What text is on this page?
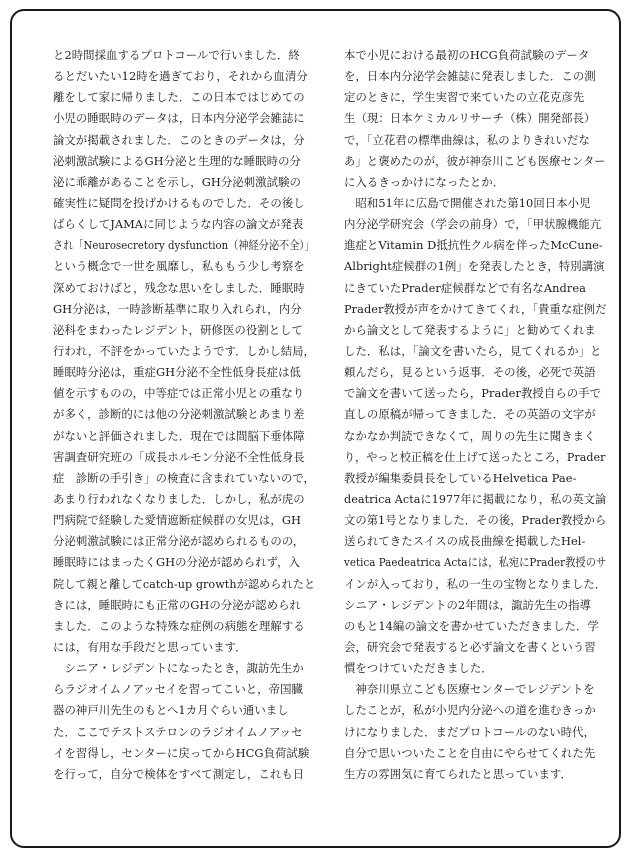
と2時間採血するプロトコールで行いました．終
るとだいたい12時を過ぎており，それから血清分
離をして家に帰りました．この日本ではじめての
小児の睡眠時のデータは，日本内分泌学会雑誌に
論文が掲載されました．このときのデータは，分
泌刺激試験によるGH分泌と生理的な睡眠時の分
泌に乖離があることを示し，GH分泌刺激試験の
確実性に疑問を投げかけるものでした．その後し
ばらくしてJAMAに同じような内容の論文が発表
され「Neurosecretory dysfunction（神経分泌不全）」
という概念で一世を風靡し，私ももう少し考察を
深めておけばと，残念な思いをしました．睡眠時
GH分泌は，一時診断基準に取り入れられ，内分
泌科をまわったレジデント，研修医の役割として
行われ，不評をかっていたようです．しかし結局，
睡眠時分泌は，重症GH分泌不全性低身長症は低
値を示すものの，中等症では正常小児との重なり
が多く，診断的には他の分泌刺激試験とあまり差
がないと評価されました．現在では間脳下垂体障
害調査研究班の「成長ホルモン分泌不全性低身長
症　診断の手引き」の検査に含まれていないので，
あまり行われなくなりました．しかし，私が虎の
門病院で経験した愛情遮断症候群の女児は，GH
分泌刺激試験には正常分泌が認められるものの，
睡眠時にはまったくGHの分泌が認められず，入
院して親と離してcatch-up growthが認められたと
きには，睡眠時にも正常のGHの分泌が認められ
ました．このような特殊な症例の病態を理解する
には，有用な手段だと思っています．
　シニア・レジデントになったとき，諏訪先生か
らラジオイムノアッセイを習ってこいと，帝国臓
器の神戸川先生のもとへ1カ月ぐらい通いまし
た．ここでテストステロンのラジオイムノアッセ
イを習得し，センターに戻ってからHCG負荷試験
を行って，自分で検体をすべて測定し，これも日
本で小児における最初のHCG負荷試験のデータ
を，日本内分泌学会雑誌に発表しました．この測
定のときに，学生実習で来ていたの立花克彦先
生（現：日本ケミカルリサーチ（株）開発部長）
で，「立花君の標準曲線は，私のよりきれいだな
あ」と褒めたのが，彼が神奈川こども医療センター
に入るきっかけになったとか．
　昭和51年に広島で開催された第10回日本小児
内分泌学研究会（学会の前身）で，「甲状腺機能亢
進症とVitamin D抵抗性クル病を伴ったMcCune-
Albright症候群の1例」を発表したとき，特別講演
にきていたPrader症候群などで有名なAndrea
Prader教授が声をかけてきてくれ，「貴重な症例だ
から論文として発表するように」と勧めてくれま
した．私は，「論文を書いたら，見てくれるか」と
頼んだら，見るという返事．その後，必死で英語
で論文を書いて送ったら，Prader教授自らの手で
直しの原稿が帰ってきました．その英語の文字が
なかなか判読できなくて，周りの先生に聞きまく
り，やっと校正稿を仕上げて送ったところ，Prader
教授が編集委員長をしているHelvetica Pae-
deatrica Actaに1977年に掲載になり，私の英文論
文の第1号となりました．その後，Prader教授から
送られてきたスイスの成長曲線を掲載したHel-
vetica Paedeatrica Actaには，私宛にPrader教授のサ
インが入っており，私の一生の宝物となりました．
シニア・レジデントの2年間は，諏訪先生の指導
のもと14編の論文を書かせていただきました．学
会，研究会で発表すると必ず論文を書くという習
慣をつけていただきました．
　神奈川県立こども医療センターでレジデントを
したことが，私が小児内分泌への道を進むきっか
けになりました．まだプロトコールのない時代，
自分で思いついたことを自由にやらせてくれた先
生方の雰囲気に育てられたと思っています．
